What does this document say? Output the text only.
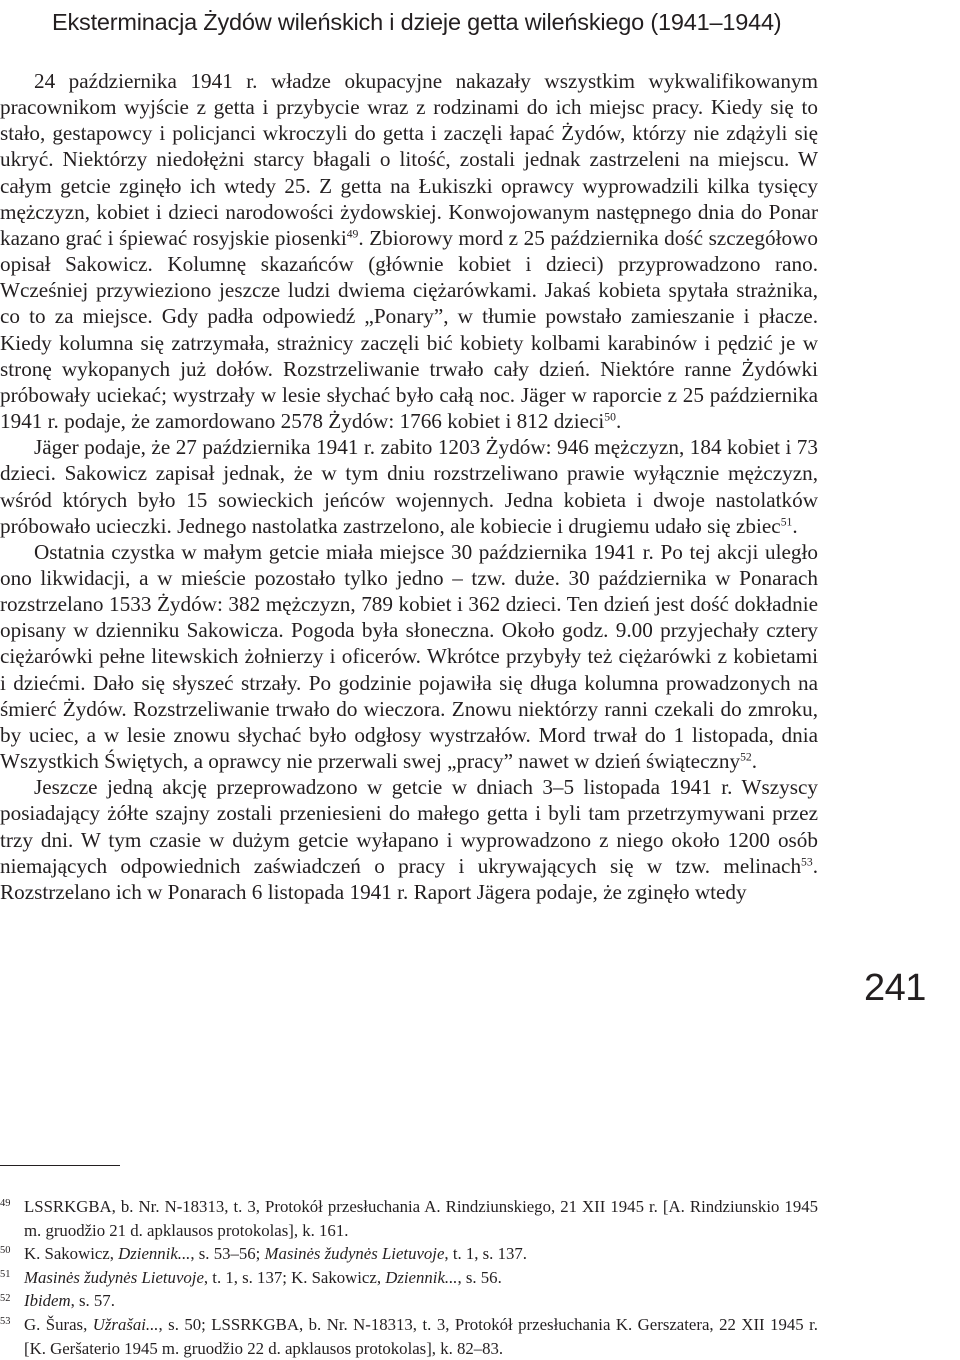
Eksterminacja Żydów wileńskich i dzieje getta wileńskiego (1941–1944)

24 października 1941 r. władze okupacyjne nakazały wszystkim wykwalifikowanym pracownikom wyjście z getta i przybycie wraz z rodzinami do ich miejsc pracy. Kiedy się to stało, gestapowcy i policjanci wkroczyli do getta i zaczęli łapać Żydów, którzy nie zdążyli się ukryć. Niektórzy niedołężni starcy błagali o litość, zostali jednak zastrzeleni na miejscu. W całym getcie zginęło ich wtedy 25. Z getta na Łukiszki oprawcy wyprowadzili kilka tysięcy mężczyzn, kobiet i dzieci narodowości żydowskiej. Konwojowanym następnego dnia do Ponar kazano grać i śpiewać rosyjskie piosenki$^{49}$. Zbiorowy mord z 25 października dość szczegółowo opisał Sakowicz. Kolumnę skazańców (głównie kobiet i dzieci) przyprowadzono rano. Wcześniej przywieziono jeszcze ludzi dwiema ciężarówkami. Jakaś kobieta spytała strażnika, co to za miejsce. Gdy padła odpowiedź „Ponary”, w tłumie powstało zamieszanie i płacze. Kiedy kolumna się zatrzymała, strażnicy zaczęli bić kobiety kolbami karabinów i pędzić je w stronę wykopanych już dołów. Rozstrzeliwanie trwało cały dzień. Niektóre ranne Żydówki próbowały uciekać; wystrzały w lesie słychać było całą noc. Jäger w raporcie z 25 października 1941 r. podaje, że zamordowano 2578 Żydów: 1766 kobiet i 812 dzieci$^{50}$.

Jäger podaje, że 27 października 1941 r. zabito 1203 Żydów: 946 mężczyzn, 184 kobiet i 73 dzieci. Sakowicz zapisał jednak, że w tym dniu rozstrzeliwano prawie wyłącznie mężczyzn, wśród których było 15 sowieckich jeńców wojennych. Jedna kobieta i dwoje nastolatków próbowało ucieczki. Jednego nastolatka zastrzelono, ale kobiecie i drugiemu udało się zbiec$^{51}$.

Ostatnia czystka w małym getcie miała miejsce 30 października 1941 r. Po tej akcji uległo ono likwidacji, a w mieście pozostało tylko jedno – tzw. duże. 30 października w Ponarach rozstrzelano 1533 Żydów: 382 mężczyzn, 789 kobiet i 362 dzieci. Ten dzień jest dość dokładnie opisany w dzienniku Sakowicza. Pogoda była słoneczna. Około godz. 9.00 przyjechały cztery ciężarówki pełne litewskich żołnierzy i oficerów. Wkrótce przybyły też ciężarówki z kobietami i dziećmi. Dało się słyszeć strzały. Po godzinie pojawiła się długa kolumna prowadzonych na śmierć Żydów. Rozstrzeliwanie trwało do wieczora. Znowu niektórzy ranni czekali do zmroku, by uciec, a w lesie znowu słychać było odgłosy wystrzałów. Mord trwał do 1 listopada, dnia Wszystkich Świętych, a oprawcy nie przerwali swej „pracy” nawet w dzień świąteczny$^{52}$.

Jeszcze jedną akcję przeprowadzono w getcie w dniach 3–5 listopada 1941 r. Wszyscy posiadający żółte szajny zostali przeniesieni do małego getta i byli tam przetrzymywani przez trzy dni. W tym czasie w dużym getcie wyłapano i wyprowadzono z niego około 1200 osób niemających odpowiednich zaświadczeń o pracy i ukrywających się w tzw. melinach$^{53}$. Rozstrzelano ich w Ponarach 6 listopada 1941 r. Raport Jägera podaje, że zginęło wtedy

241

49 LSSRKGBA, b. Nr. N-18313, t. 3, Protokół przesłuchania A. Rindziunskiego, 21 XII 1945 r. [A. Rindziunskio 1945 m. gruodžio 21 d. apklausos protokolas], k. 161.

50 K. Sakowicz, Dziennik..., s. 53–56; Masinės žudynės Lietuvoje, t. 1, s. 137.

51 Masinės žudynės Lietuvoje, t. 1, s. 137; K. Sakowicz, Dziennik..., s. 56.

52 Ibidem, s. 57.

53 G. Šuras, Užrašai..., s. 50; LSSRKGBA, b. Nr. N-18313, t. 3, Protokół przesłuchania K. Gerszatera, 22 XII 1945 r. [K. Geršaterio 1945 m. gruodžio 22 d. apklausos protokolas], k. 82–83.
